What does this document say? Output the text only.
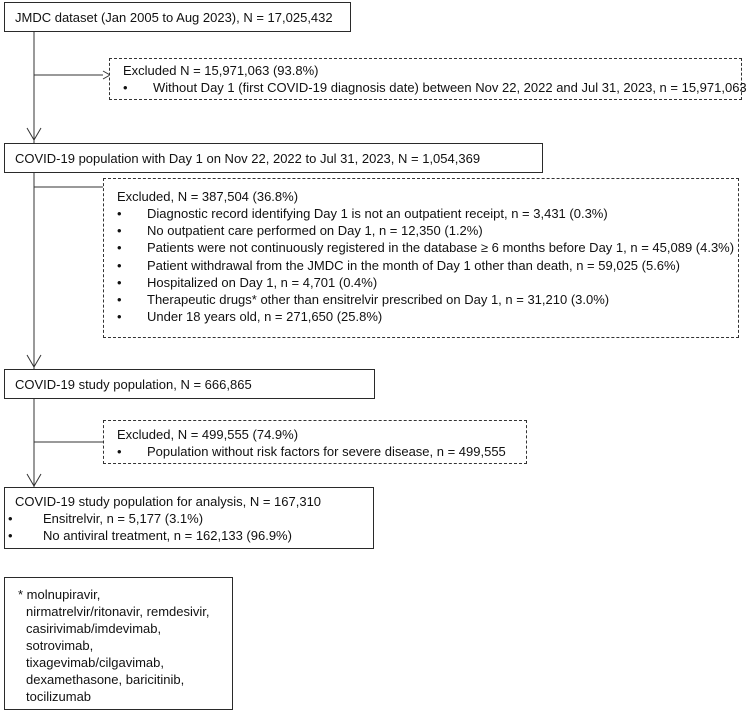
JMDC dataset (Jan 2005 to Aug 2023), N = 17,025,432
Excluded N = 15,971,063 (93.8%)
• Without Day 1 (first COVID-19 diagnosis date) between Nov 22, 2022 and Jul 31, 2023, n = 15,971,063
COVID-19 population with Day 1 on Nov 22, 2022 to Jul 31, 2023, N = 1,054,369
Excluded, N = 387,504 (36.8%)
• Diagnostic record identifying Day 1 is not an outpatient receipt, n = 3,431 (0.3%)
• No outpatient care performed on Day 1, n = 12,350 (1.2%)
• Patients were not continuously registered in the database ≥ 6 months before Day 1, n = 45,089 (4.3%)
• Patient withdrawal from the JMDC in the month of Day 1 other than death, n = 59,025 (5.6%)
• Hospitalized on Day 1, n = 4,701 (0.4%)
• Therapeutic drugs* other than ensitrelvir prescribed on Day 1, n = 31,210 (3.0%)
• Under 18 years old, n = 271,650 (25.8%)
COVID-19 study population, N = 666,865
Excluded, N = 499,555 (74.9%)
• Population without risk factors for severe disease, n = 499,555
COVID-19 study population for analysis, N = 167,310
• Ensitrelvir, n = 5,177 (3.1%)
• No antiviral treatment, n = 162,133 (96.9%)
* molnupiravir,
nirmatrelvir/ritonavir, remdesivir,
casirivimab/imdevimab,
sotrovimab,
tixagevimab/cilgavimab,
dexamethasone, baricitinib,
tocilizumab
